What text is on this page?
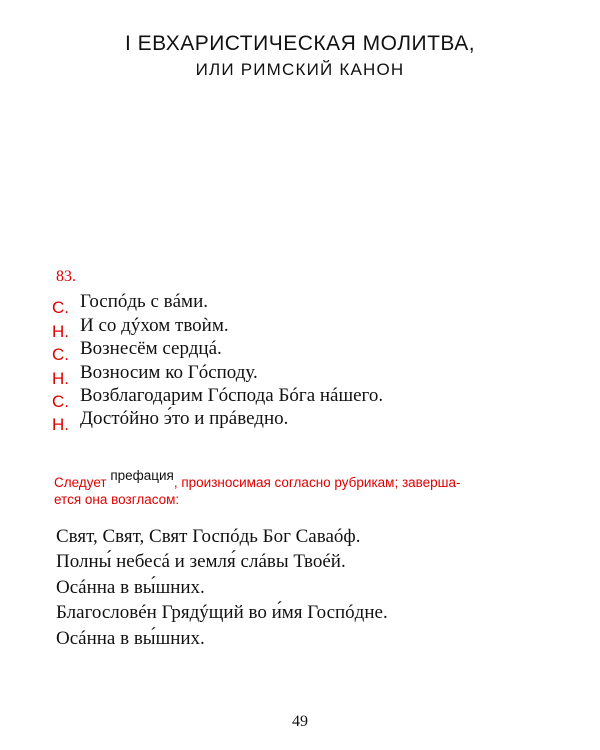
I ЕВХАРИСТИЧЕСКАЯ МОЛИТВА,
ИЛИ РИМСКИЙ КАНОН
83.
С. Госпóдь с вáми.
Н. И со дýхом твоѝм.
С. Вознесём сердцá.
Н. Возносим ко Гóсподу.
С. Возблагодарим Гóспода Бóга нáшего.
Н. Достóйно э́то и прáведно.
Следует префация, произносимая согласно рубрикам; заверша-
ется она возгласом:
Свят, Свят, Свят Госпóдь Бог Саваóф.
Полны́ небесá и земля́ слáвы Твоéй.
Осáнна в вы́шних.
Благословéн Грядýщий во и́мя Госпóдне.
Осáнна в вы́шних.
49
